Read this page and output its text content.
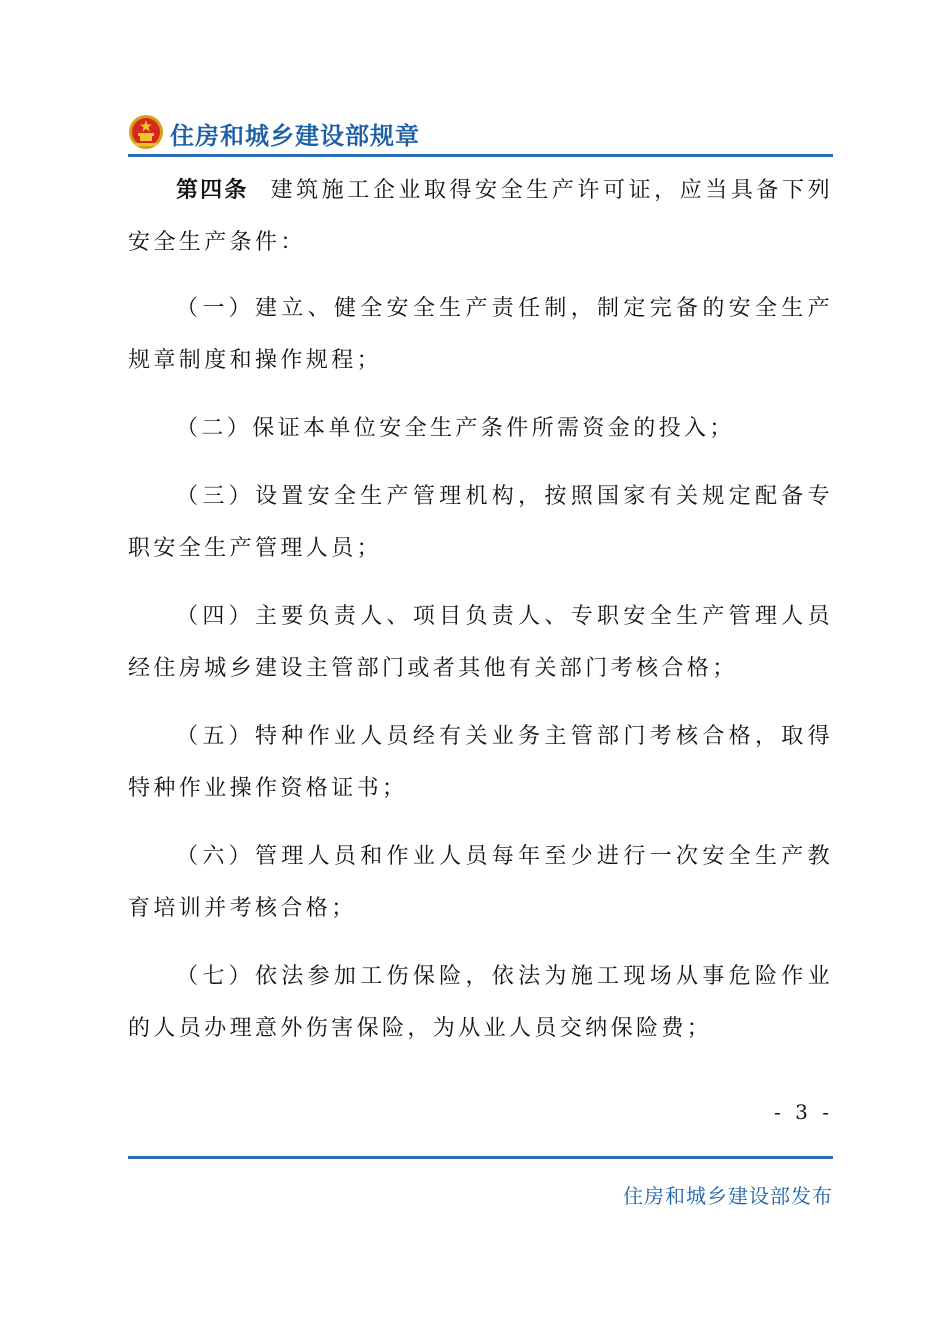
住房和城乡建设部规章

第四条 建筑施工企业取得安全生产许可证，应当具备下列安全生产条件：

（一）建立、健全安全生产责任制，制定完备的安全生产规章制度和操作规程；

（二）保证本单位安全生产条件所需资金的投入；

（三）设置安全生产管理机构，按照国家有关规定配备专职安全生产管理人员；

（四）主要负责人、项目负责人、专职安全生产管理人员经住房城乡建设主管部门或者其他有关部门考核合格；

（五）特种作业人员经有关业务主管部门考核合格，取得特种作业操作资格证书；

（六）管理人员和作业人员每年至少进行一次安全生产教育培训并考核合格；

（七）依法参加工伤保险，依法为施工现场从事危险作业的人员办理意外伤害保险，为从业人员交纳保险费；

- 3 -
住房和城乡建设部发布
